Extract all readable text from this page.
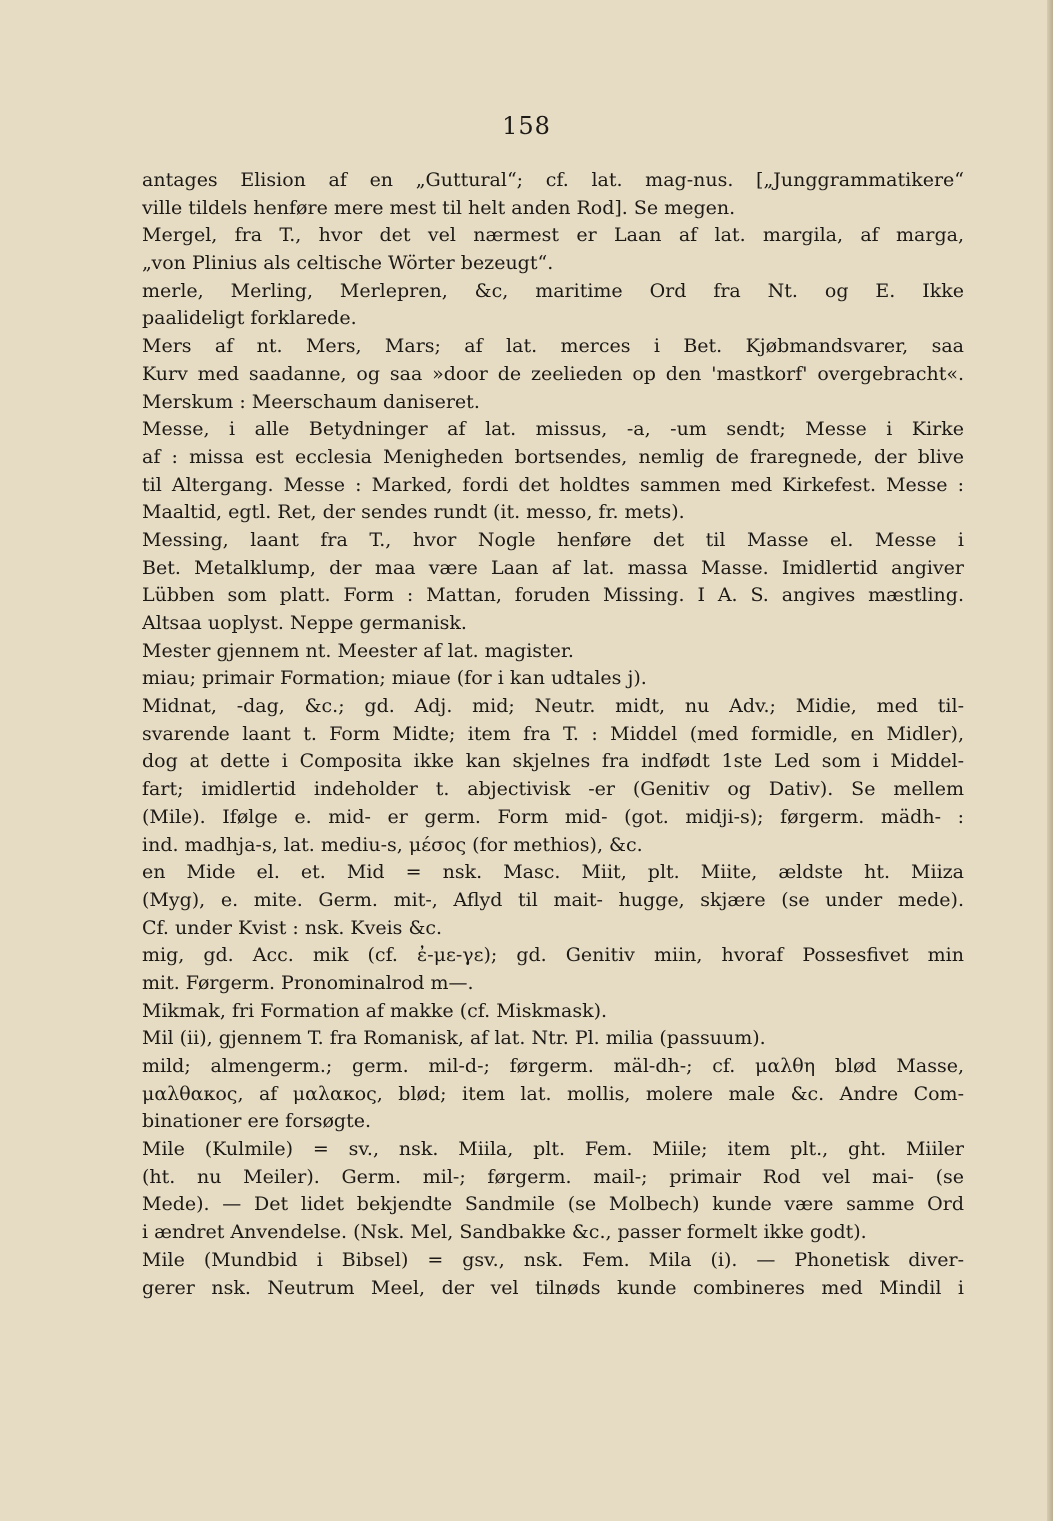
158
antages Elision af en „Guttural“; cf. lat. mag-nus. [„Junggrammatikere“
ville tildels henføre mere mest til helt anden Rod]. Se megen.
Mergel, fra T., hvor det vel nærmest er Laan af lat. margila, af marga,
„von Plinius als celtische Wörter bezeugt“.
merle, Merling, Merlepren, &c, maritime Ord fra Nt. og E. Ikke
paalideligt forklarede.
Mers af nt. Mers, Mars; af lat. merces i Bet. Kjøbmandsvarer, saa
Kurv med saadanne, og saa »door de zeelieden op den 'mastkorf' overgebracht«.
Merskum : Meerschaum daniseret.
Messe, i alle Betydninger af lat. missus, -a, -um sendt; Messe i Kirke
af : missa est ecclesia Menigheden bortsendes, nemlig de fraregnede, der blive
til Altergang. Messe : Marked, fordi det holdtes sammen med Kirkefest. Messe :
Maaltid, egtl. Ret, der sendes rundt (it. messo, fr. mets).
Messing, laant fra T., hvor Nogle henføre det til Masse el. Messe i
Bet. Metalklump, der maa være Laan af lat. massa Masse. Imidlertid angiver
Lübben som platt. Form : Mattan, foruden Missing. I A. S. angives mæstling.
Altsaa uoplyst. Neppe germanisk.
Mester gjennem nt. Meester af lat. magister.
miau; primair Formation; miaue (for i kan udtales j).
Midnat, -dag, &c.; gd. Adj. mid; Neutr. midt, nu Adv.; Midie, med til-
svarende laant t. Form Midte; item fra T. : Middel (med formidle, en Midler),
dog at dette i Composita ikke kan skjelnes fra indfødt 1ste Led som i Middel-
fart; imidlertid indeholder t. abjectivisk -er (Genitiv og Dativ). Se mellem
(Mile). Ifølge e. mid- er germ. Form mid- (got. midji-s); førgerm. mädh- :
ind. madhja-s, lat. mediu-s, μέσος (for methios), &c.
en Mide el. et. Mid = nsk. Masc. Miit, plt. Miite, ældste ht. Miiza
(Myg), e. mite. Germ. mit-, Aflyd til mait- hugge, skjære (se under mede).
Cf. under Kvist : nsk. Kveis &c.
mig, gd. Acc. mik (cf. ἐ-με-γε); gd. Genitiv miin, hvoraf Possesfivet min
mit. Førgerm. Pronominalrod m—.
Mikmak, fri Formation af makke (cf. Miskmask).
Mil (ii), gjennem T. fra Romanisk, af lat. Ntr. Pl. milia (passuum).
mild; almengerm.; germ. mil-d-; førgerm. mäl-dh-; cf. μαλθη blød Masse,
μαλθακος, af μαλακος, blød; item lat. mollis, molere male &c. Andre Com-
binationer ere forsøgte.
Mile (Kulmile) = sv., nsk. Miila, plt. Fem. Miile; item plt., ght. Miiler
(ht. nu Meiler). Germ. mil-; førgerm. mail-; primair Rod vel mai- (se
Mede). — Det lidet bekjendte Sandmile (se Molbech) kunde være samme Ord
i ændret Anvendelse. (Nsk. Mel, Sandbakke &c., passer formelt ikke godt).
Mile (Mundbid i Bibsel) = gsv., nsk. Fem. Mila (i). — Phonetisk diver-
gerer nsk. Neutrum Meel, der vel tilnøds kunde combineres med Mindil i
